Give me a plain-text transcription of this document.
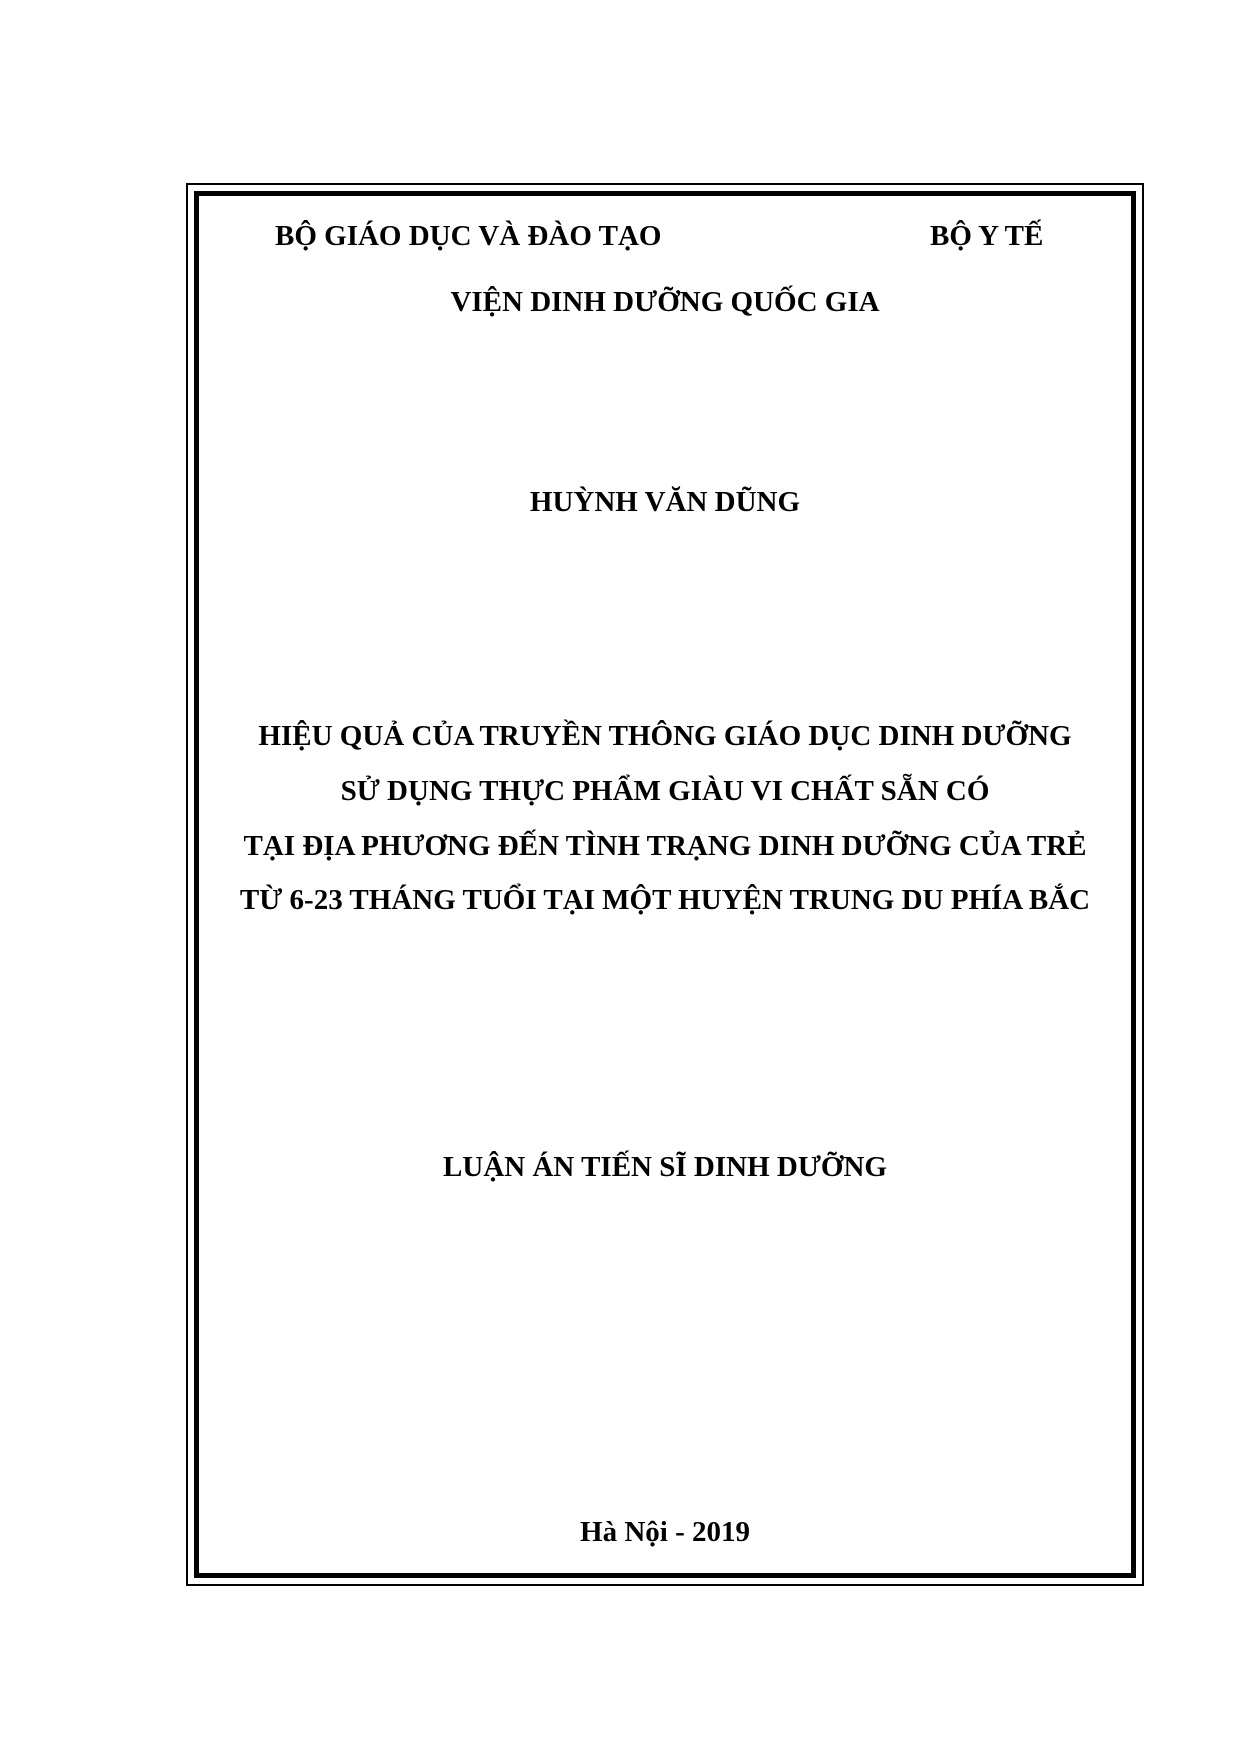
BỘ GIÁO DỤC VÀ ĐÀO TẠO	BỘ Y TẾ

VIỆN DINH DƯỠNG QUỐC GIA

HUỲNH VĂN DŨNG

HIỆU QUẢ CỦA TRUYỀN THÔNG GIÁO DỤC DINH DƯỠNG

SỬ DỤNG THỰC PHẨM GIÀU VI CHẤT SẴN CÓ

TẠI ĐỊA PHƯƠNG ĐẾN TÌNH TRẠNG DINH DƯỠNG CỦA TRẺ

TỪ 6-23 THÁNG TUỔI TẠI MỘT HUYỆN TRUNG DU PHÍA BẮC

LUẬN ÁN TIẾN SĨ DINH DƯỠNG

Hà Nội - 2019
